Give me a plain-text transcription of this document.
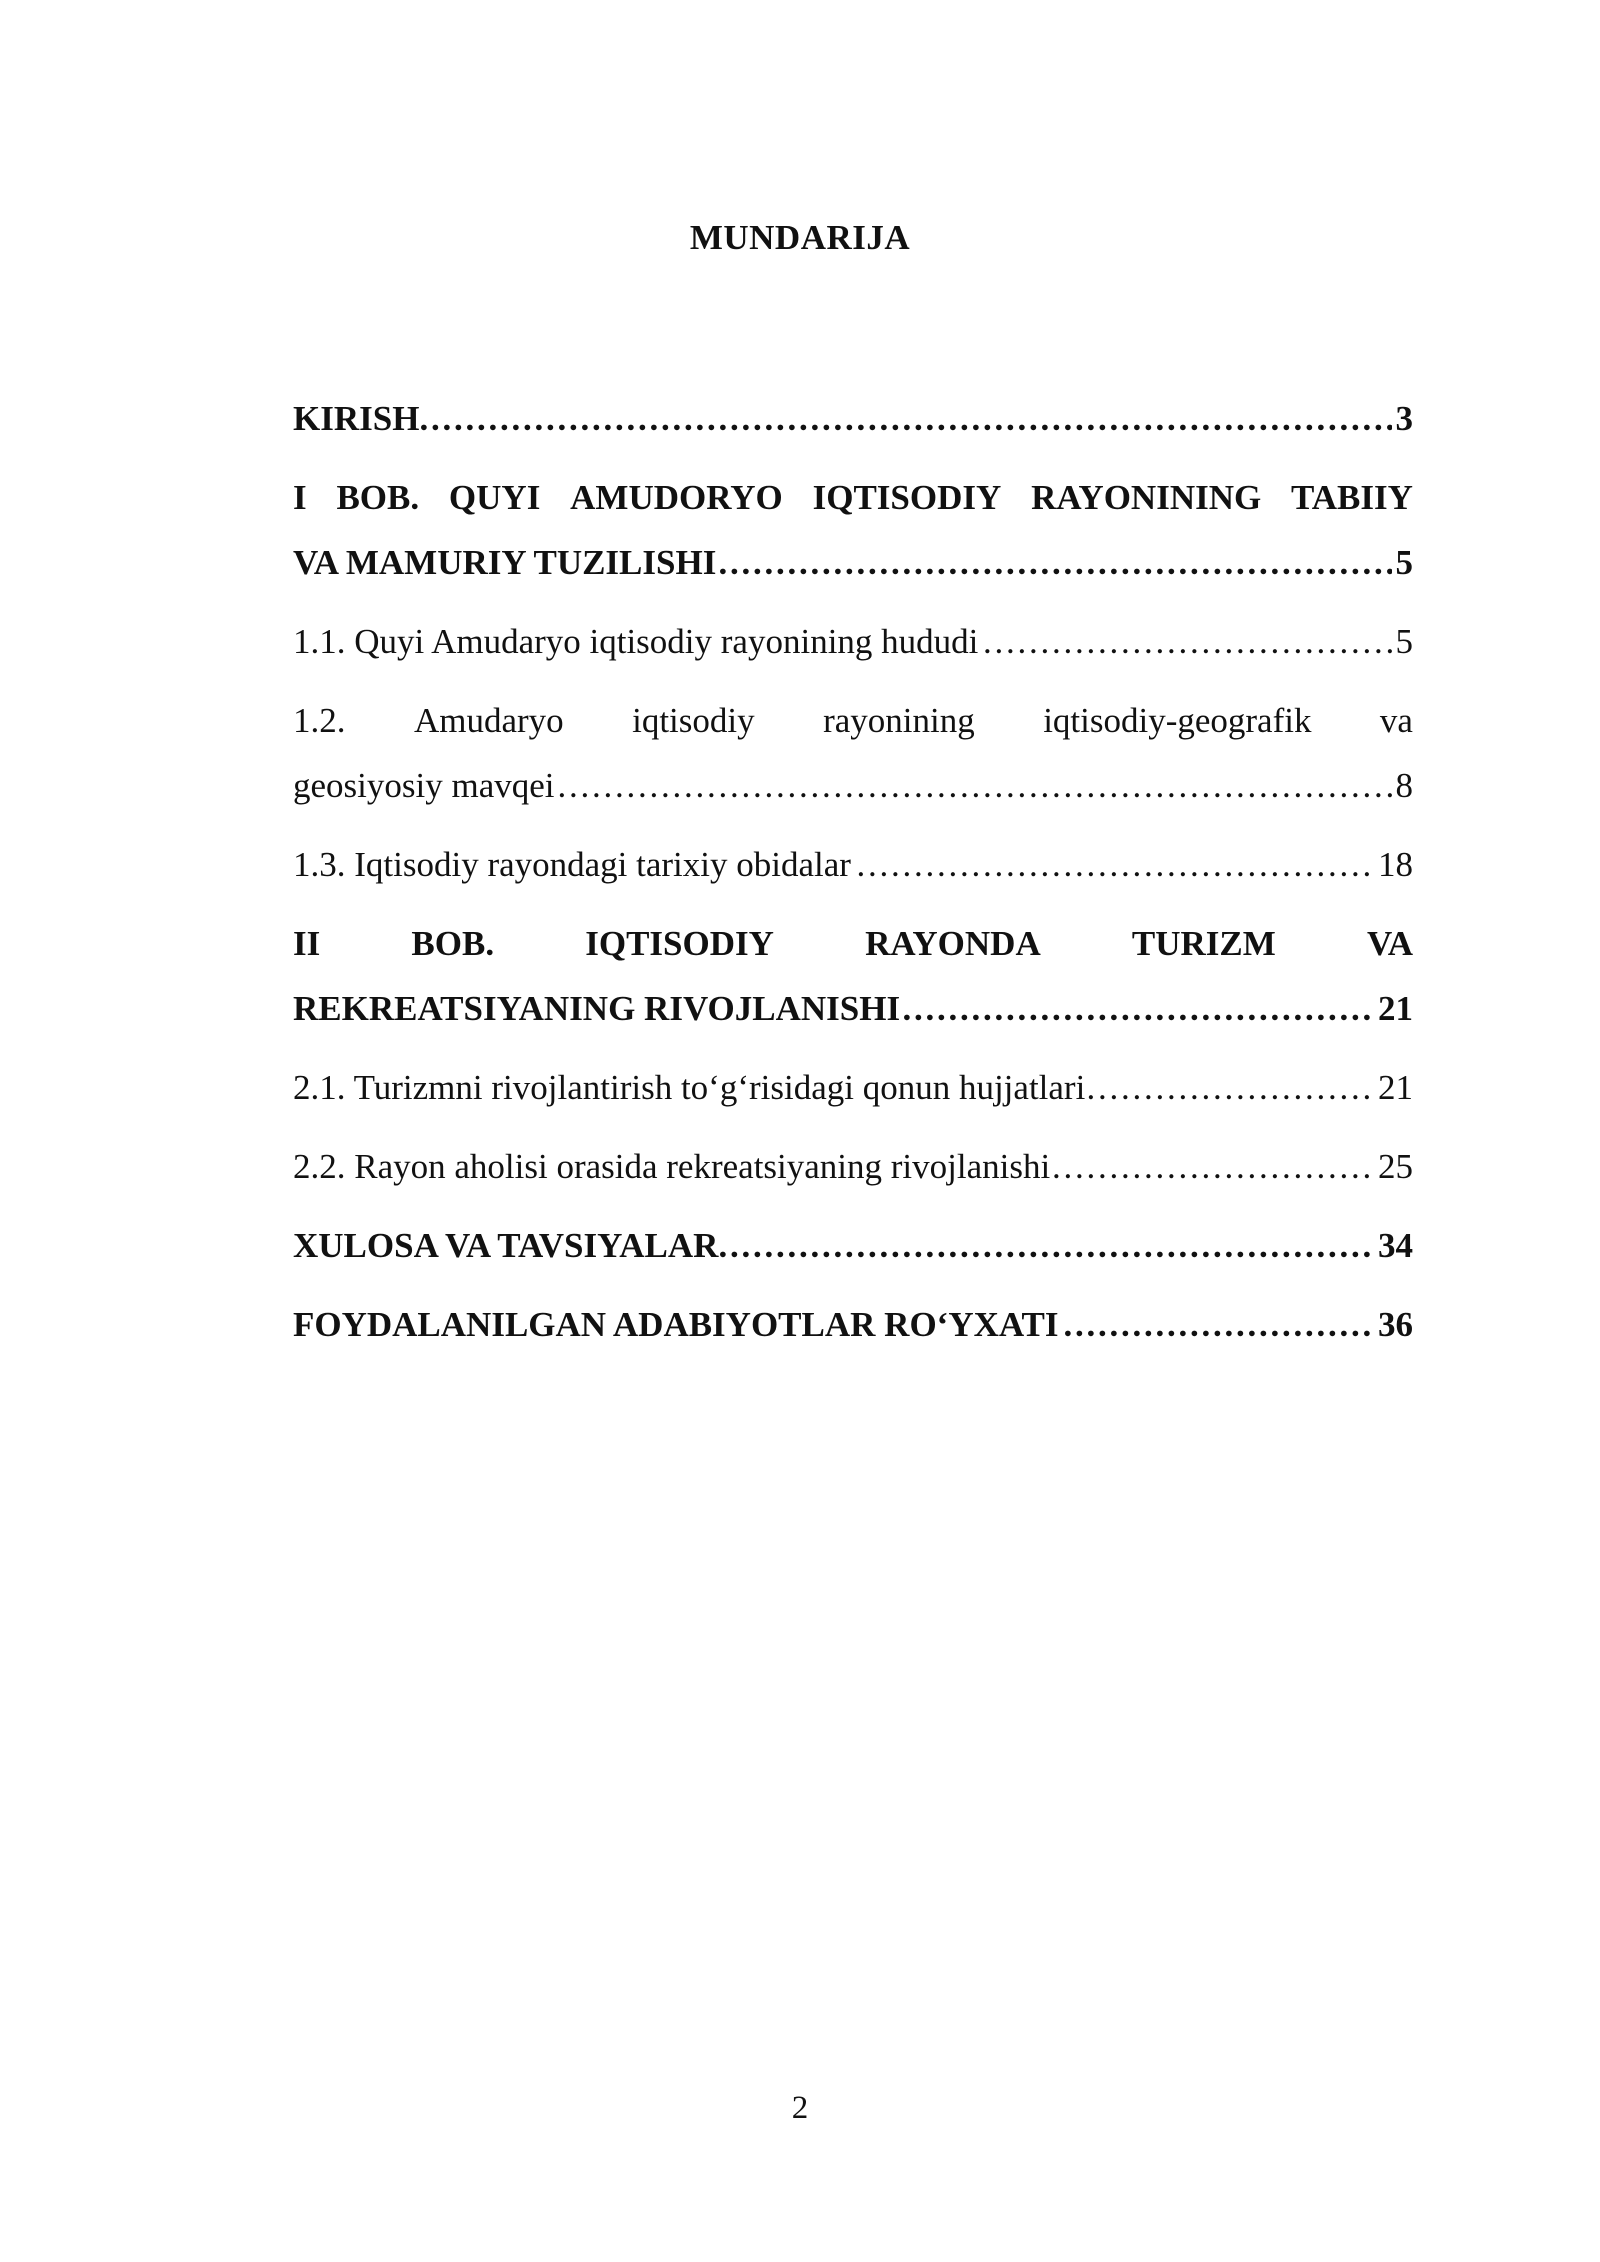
MUNDARIJA
KIRISH	3
. . .
I BOB. QUYI AMUDORYO IQTISODIY RAYONINING TABIIY
VA MAMURIY TUZILISHI	5
. . .
1.1. Quyi Amudaryo iqtisodiy rayonining hududi	5
. . .
1.2. Amudaryo iqtisodiy rayonining iqtisodiy-geografik va
geosiyosiy mavqei	8
. . .
1.3. Iqtisodiy rayondagi tarixiy obidalar	18
. . .
II	BOB.	IQTISODIY	RAYONDA	TURIZM	VA
REKREATSIYANING RIVOJLANISHI	21
. . .
2.1. Turizmni rivojlantirish to‘g‘risidagi qonun hujjatlari	21
. . .
2.2. Rayon aholisi orasida rekreatsiyaning rivojlanishi	25
. . .
XULOSA VA TAVSIYALAR	34
. . .
FOYDALANILGAN ADABIYOTLAR RO‘YXATI	36
. . .
2
